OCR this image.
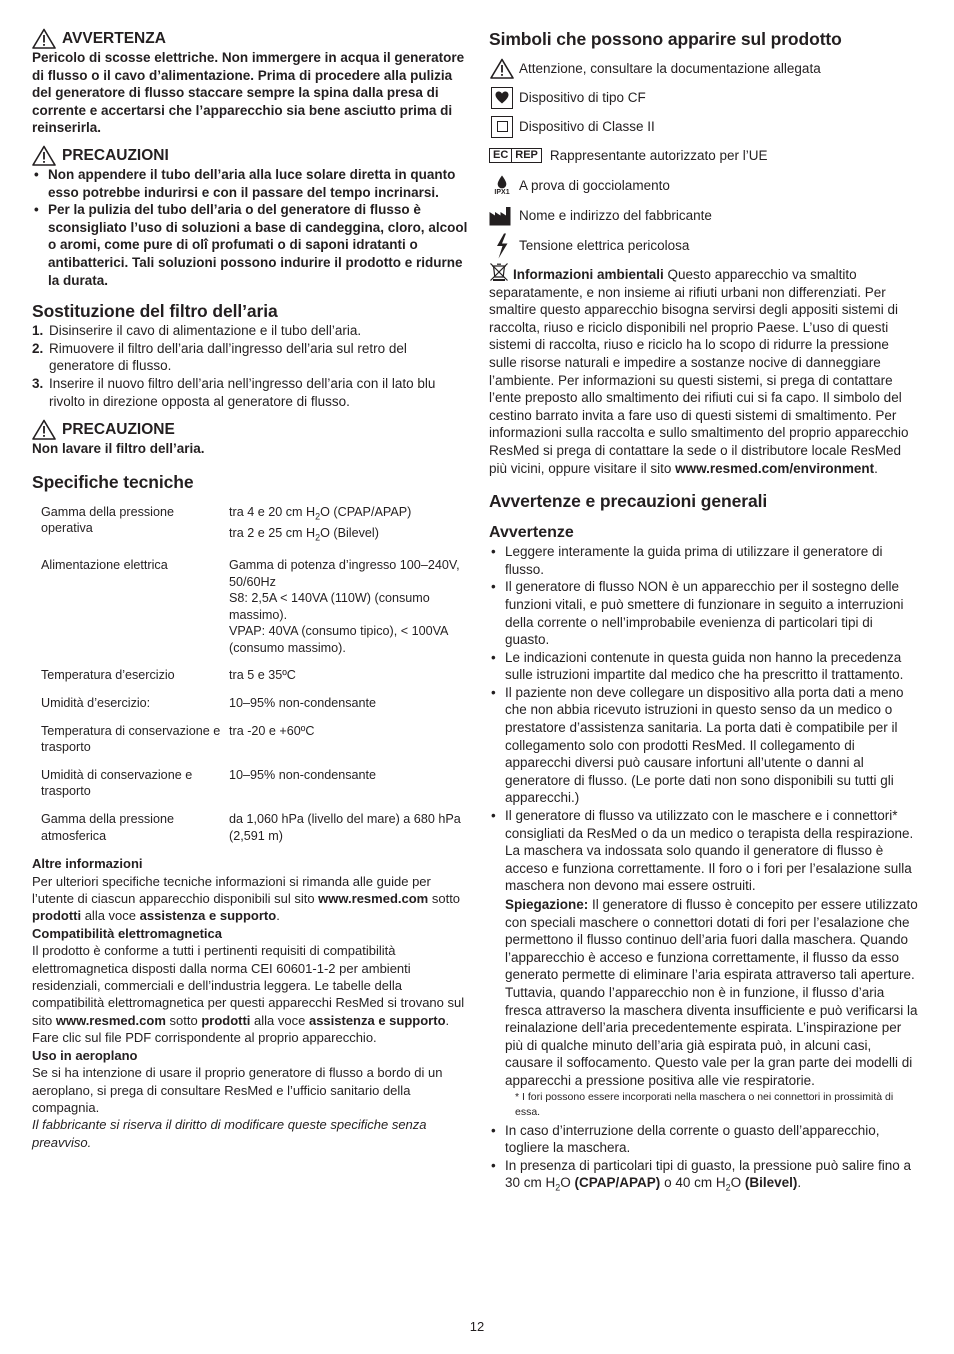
AVVERTENZA

Pericolo di scosse elettriche. Non immergere in acqua il generatore di flusso o il cavo d’alimentazione. Prima di procedere alla pulizia del generatore di flusso staccare sempre la spina dalla presa di corrente e accertarsi che l’apparecchio sia bene asciutto prima di reinserirla.

PRECAUZIONI
• Non appendere il tubo dell’aria alla luce solare diretta in quanto esso potrebbe indurirsi e con il passare del tempo incrinarsi.
• Per la pulizia del tubo dell’aria o del generatore di flusso è sconsigliato l’uso di soluzioni a base di candeggina, cloro, alcool o aromi, come pure di olî profumati o di saponi idratanti o antibatterici. Tali soluzioni possono indurire il prodotto e ridurne la durata.
Sostituzione del filtro dell’aria
1. Disinserire il cavo di alimentazione e il tubo dell’aria.
2. Rimuovere il filtro dell’aria dall’ingresso dell’aria sul retro del generatore di flusso.
3. Inserire il nuovo filtro dell’aria nell’ingresso dell’aria con il lato blu rivolto in direzione opposta al generatore di flusso.
PRECAUZIONE

Non lavare il filtro dell’aria.

Specifiche tecniche
Gamma della pressione operativa	tra 4 e 20 cm $H_2O$ (CPAP/APAP)
tra 2 e 25 cm $H_2O$ (Bilevel)
Alimentazione elettrica	Gamma di potenza d’ingresso 100–240V, 50/60Hz
S8: 2,5A < 140VA (110W) (consumo massimo).
VPAP: 40VA (consumo tipico), < 100VA (consumo massimo).
Temperatura d’esercizio	tra 5 e 35ºC
Umidità d’esercizio:	10–95% non-condensante
Temperatura di conservazione e trasporto	tra -20 e +60ºC
Umidità di conservazione e trasporto	10–95% non-condensante
Gamma della pressione atmosferica	da 1,060 hPa (livello del mare) a 680 hPa (2,591 m)

Altre informazioni

Per ulteriori specifiche tecniche informazioni si rimanda alle guide per l’utente di ciascun apparecchio disponibili sul sito www.resmed.com sotto prodotti alla voce assistenza e supporto.

Compatibilità elettromagnetica

Il prodotto è conforme a tutti i pertinenti requisiti di compatibilità elettromagnetica disposti dalla norma CEI 60601-1-2 per ambienti residenziali, commerciali e dell’industria leggera. Le tabelle della compatibilità elettromagnetica per questi apparecchi ResMed si trovano sul sito www.resmed.com sotto prodotti alla voce assistenza e supporto. Fare clic sul file PDF corrispondente al proprio apparecchio.

Uso in aeroplano

Se si ha intenzione di usare il proprio generatore di flusso a bordo di un aeroplano, si prega di consultare ResMed e l’ufficio sanitario della compagnia.

Il fabbricante si riserva il diritto di modificare queste specifiche senza preavviso.

Simboli che possono apparire sul prodotto
Attenzione, consultare la documentazione allegata
Dispositivo di tipo CF
Dispositivo di Classe II
EC REP Rappresentante autorizzato per l’UE
IPX1 A prova di gocciolamento
Nome e indirizzo del fabbricante
Tensione elettrica pericolosa

Informazioni ambientali Questo apparecchio va smaltito separatamente, e non insieme ai rifiuti urbani non differenziati. Per smaltire questo apparecchio bisogna servirsi degli appositi sistemi di raccolta, riuso e riciclo disponibili nel proprio Paese. L’uso di questi sistemi di raccolta, riuso e riciclo ha lo scopo di ridurre la pressione sulle risorse naturali e impedire a sostanze nocive di danneggiare l’ambiente. Per informazioni su questi sistemi, si prega di contattare l’ente preposto allo smaltimento dei rifiuti cui si fa capo. Il simbolo del cestino barrato invita a fare uso di questi sistemi di smaltimento. Per informazioni sulla raccolta e sullo smaltimento del proprio apparecchio ResMed si prega di contattare la sede o il distributore locale ResMed più vicini, oppure visitare il sito www.resmed.com/environment.

Avvertenze e precauzioni generali
Avvertenze
• Leggere interamente la guida prima di utilizzare il generatore di flusso.
• Il generatore di flusso NON è un apparecchio per il sostegno delle funzioni vitali, e può smettere di funzionare in seguito a interruzioni della corrente o nell’improbabile evenienza di particolari tipi di guasto.
• Le indicazioni contenute in questa guida non hanno la precedenza sulle istruzioni impartite dal medico che ha prescritto il trattamento.
• Il paziente non deve collegare un dispositivo alla porta dati a meno che non abbia ricevuto istruzioni in questo senso da un medico o prestatore d’assistenza sanitaria. La porta dati è compatibile per il collegamento solo con prodotti ResMed. Il collegamento di apparecchi diversi può causare infortuni all’utente o danni al generatore di flusso. (Le porte dati non sono disponibili su tutti gli apparecchi.)
• Il generatore di flusso va utilizzato con le maschere e i connettori* consigliati da ResMed o da un medico o terapista della respirazione. La maschera va indossata solo quando il generatore di flusso è acceso e funziona correttamente. Il foro o i fori per l’esalazione sulla maschera non devono mai essere ostruiti.

Spiegazione: Il generatore di flusso è concepito per essere utilizzato con speciali maschere o connettori dotati di fori per l’esalazione che permettono il flusso continuo dell’aria fuori dalla maschera. Quando l’apparecchio è acceso e funziona correttamente, il flusso da esso generato permette di eliminare l’aria espirata attraverso tali aperture. Tuttavia, quando l’apparecchio non è in funzione, il flusso d’aria fresca attraverso la maschera diventa insufficiente e può verificarsi la reinalazione dell’aria precedentemente espirata. L’inspirazione per più di qualche minuto dell’aria già espirata può, in alcuni casi, causare il soffocamento. Questo vale per la gran parte dei modelli di apparecchi a pressione positiva alle vie respiratorie.

* I fori possono essere incorporati nella maschera o nei connettori in prossimità di essa.

• In caso d’interruzione della corrente o guasto dell’apparecchio, togliere la maschera.
• In presenza di particolari tipi di guasto, la pressione può salire fino a 30 cm $H_2O$ (CPAP/APAP) o 40 cm $H_2O$ (Bilevel).
12
